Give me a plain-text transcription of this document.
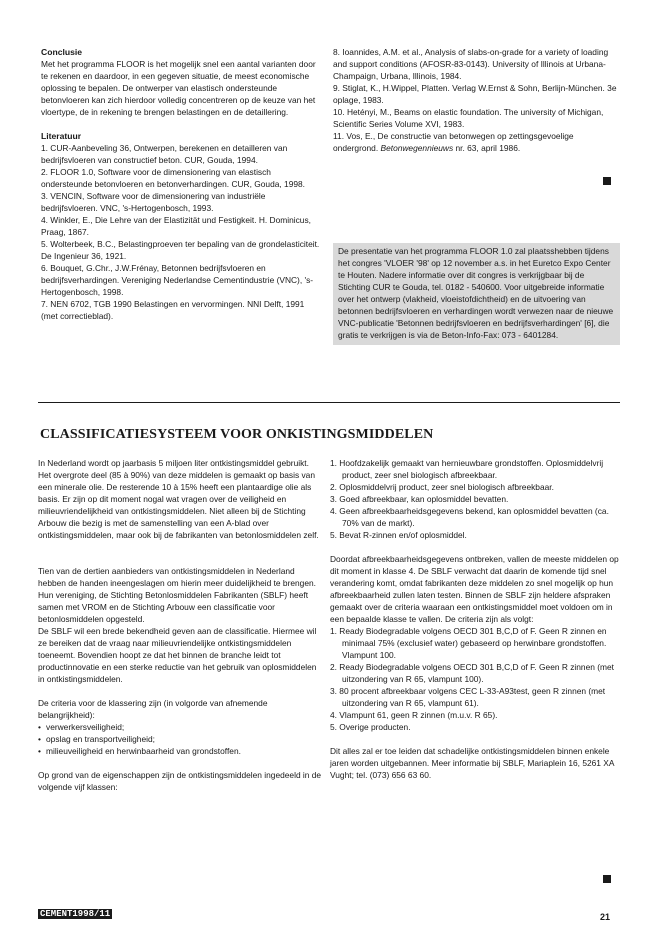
Conclusie

Met het programma FLOOR is het mogelijk snel een aantal varianten door te rekenen en daardoor, in een gegeven situatie, de meest economische oplossing te bepalen. De ontwerper van elastisch ondersteunde betonvloeren kan zich hierdoor volledig concentreren op de keuze van het vloertype, de in rekening te brengen belastingen en de detaillering.

Literatuur
1. CUR-Aanbeveling 36, Ontwerpen, berekenen en detailleren van bedrijfsvloeren van constructief beton. CUR, Gouda, 1994.
2. FLOOR 1.0, Software voor de dimensionering van elastisch ondersteunde betonvloeren en betonverhardingen. CUR, Gouda, 1998.
3. VENCIN, Software voor de dimensionering van industriële bedrijfsvloeren. VNC, 's-Hertogenbosch, 1993.
4. Winkler, E., Die Lehre van der Elastizität und Festigkeit. H. Dominicus, Praag, 1867.
5. Wolterbeek, B.C., Belastingproeven ter bepaling van de grondelasticiteit. De Ingenieur 36, 1921.
6. Bouquet, G.Chr., J.W.Frénay, Betonnen bedrijfsvloeren en bedrijfsverhardingen. Vereniging Nederlandse Cementindustrie (VNC), 's-Hertogenbosch, 1998.
7. NEN 6702, TGB 1990 Belastingen en vervormingen. NNI Delft, 1991 (met correctieblad).
8. Ioannides, A.M. et al., Analysis of slabs-on-grade for a variety of loading and support conditions (AFOSR-83-0143). University of Illinois at Urbana-Champaign, Urbana, Illinois, 1984.
9. Stiglat, K., H.Wippel, Platten. Verlag W.Ernst & Sohn, Berlijn-München. 3e oplage, 1983.
10. Hetényi, M., Beams on elastic foundation. The university of Michigan, Scientific Series Volume XVI, 1983.
11. Vos, E., De constructie van betonwegen op zettingsgevoelige ondergrond. Betonwegennieuws nr. 63, april 1986.
De presentatie van het programma FLOOR 1.0 zal plaatsshebben tijdens het congres 'VLOER '98' op 12 november a.s. in het Euretco Expo Center te Houten. Nadere informatie over dit congres is verkrijgbaar bij de Stichting CUR te Gouda, tel. 0182 - 540600. Voor uitgebreide informatie over het ontwerp (vlakheid, vloeistofdichtheid) en de uitvoering van betonnen bedrijfsvloeren en verhardingen wordt verwezen naar de nieuwe VNC-publicatie 'Betonnen bedrijfsvloeren en bedrijfsverhardingen' [6], die gratis te verkrijgen is via de Beton-Info-Fax: 073 - 6401284.
CLASSIFICATIESYSTEEM VOOR ONKISTINGSMIDDELEN

In Nederland wordt op jaarbasis 5 miljoen liter ontkistingsmiddel gebruikt. Het overgrote deel (85 à 90%) van deze middelen is gemaakt op basis van een minerale olie. De resterende 10 à 15% heeft een plantaardige olie als basis. Er zijn op dit moment nogal wat vragen over de veiligheid en milieuvriendelijkheid van ontkistingsmiddelen. Niet alleen bij de Stichting Arbouw die bezig is met de samenstelling van een A-blad over ontkistingsmiddelen, maar ook bij de fabrikanten van betonlosmiddelen zelf.

Tien van de dertien aanbieders van ontkistingsmiddelen in Nederland hebben de handen ineengeslagen om hierin meer duidelijkheid te brengen. Hun vereniging, de Stichting Betonlosmiddelen Fabrikanten (SBLF) heeft samen met VROM en de Stichting Arbouw een classificatie voor betonlosmiddelen opgesteld.

De SBLF wil een brede bekendheid geven aan de classificatie. Hiermee wil ze bereiken dat de vraag naar milieuvriendelijke ontkistingsmiddelen toeneemt. Bovendien hoopt ze dat het binnen de branche leidt tot productinnovatie en een sterke reductie van het gebruik van oplosmiddelen in ontkistingsmiddelen.

De criteria voor de klassering zijn (in volgorde van afnemende belangrijkheid):

• verwerkersveiligheid;
• opslag en transportveiligheid;
• milieuveiligheid en herwinbaarheid van grondstoffen.

Op grond van de eigenschappen zijn de ontkistingsmiddelen ingedeeld in de volgende vijf klassen:

1. Hoofdzakelijk gemaakt van hernieuwbare grondstoffen. Oplosmiddelvrij product, zeer snel biologisch afbreekbaar.
2. Oplosmiddelvrij product, zeer snel biologisch afbreekbaar.
3. Goed afbreekbaar, kan oplosmiddel bevatten.
4. Geen afbreekbaarheidsgegevens bekend, kan oplosmiddel bevatten (ca. 70% van de markt).
5. Bevat R-zinnen en/of oplosmiddel.

Doordat afbreekbaarheidsgegevens ontbreken, vallen de meeste middelen op dit moment in klasse 4. De SBLF verwacht dat daarin de komende tijd snel verandering komt, omdat fabrikanten deze middelen zo snel mogelijk op hun afbreekbaarheid zullen laten testen. Binnen de SBLF zijn heldere afspraken gemaakt over de criteria waaraan een ontkistingsmiddel moet voldoen om in een bepaalde klasse te vallen. De criteria zijn als volgt:

1. Ready Biodegradable volgens OECD 301 B,C,D of F. Geen R zinnen en minimaal 75% (exclusief water) gebaseerd op herwinbare grondstoffen. Vlampunt 100.
2. Ready Biodegradable volgens OECD 301 B,C,D of F. Geen R zinnen (met uitzondering van R 65, vlampunt 100).
3. 80 procent afbreekbaar volgens CEC L-33-A93test, geen R zinnen (met uitzondering van R 65, vlampunt 61).
4. Vlampunt 61, geen R zinnen (m.u.v. R 65).
5. Overige producten.

Dit alles zal er toe leiden dat schadelijke ontkistingsmiddelen binnen enkele jaren worden uitgebannen. Meer informatie bij SBLF, Mariaplein 16, 5261 XA Vught; tel. (073) 656 63 60.

CEMENT1998/11	21
